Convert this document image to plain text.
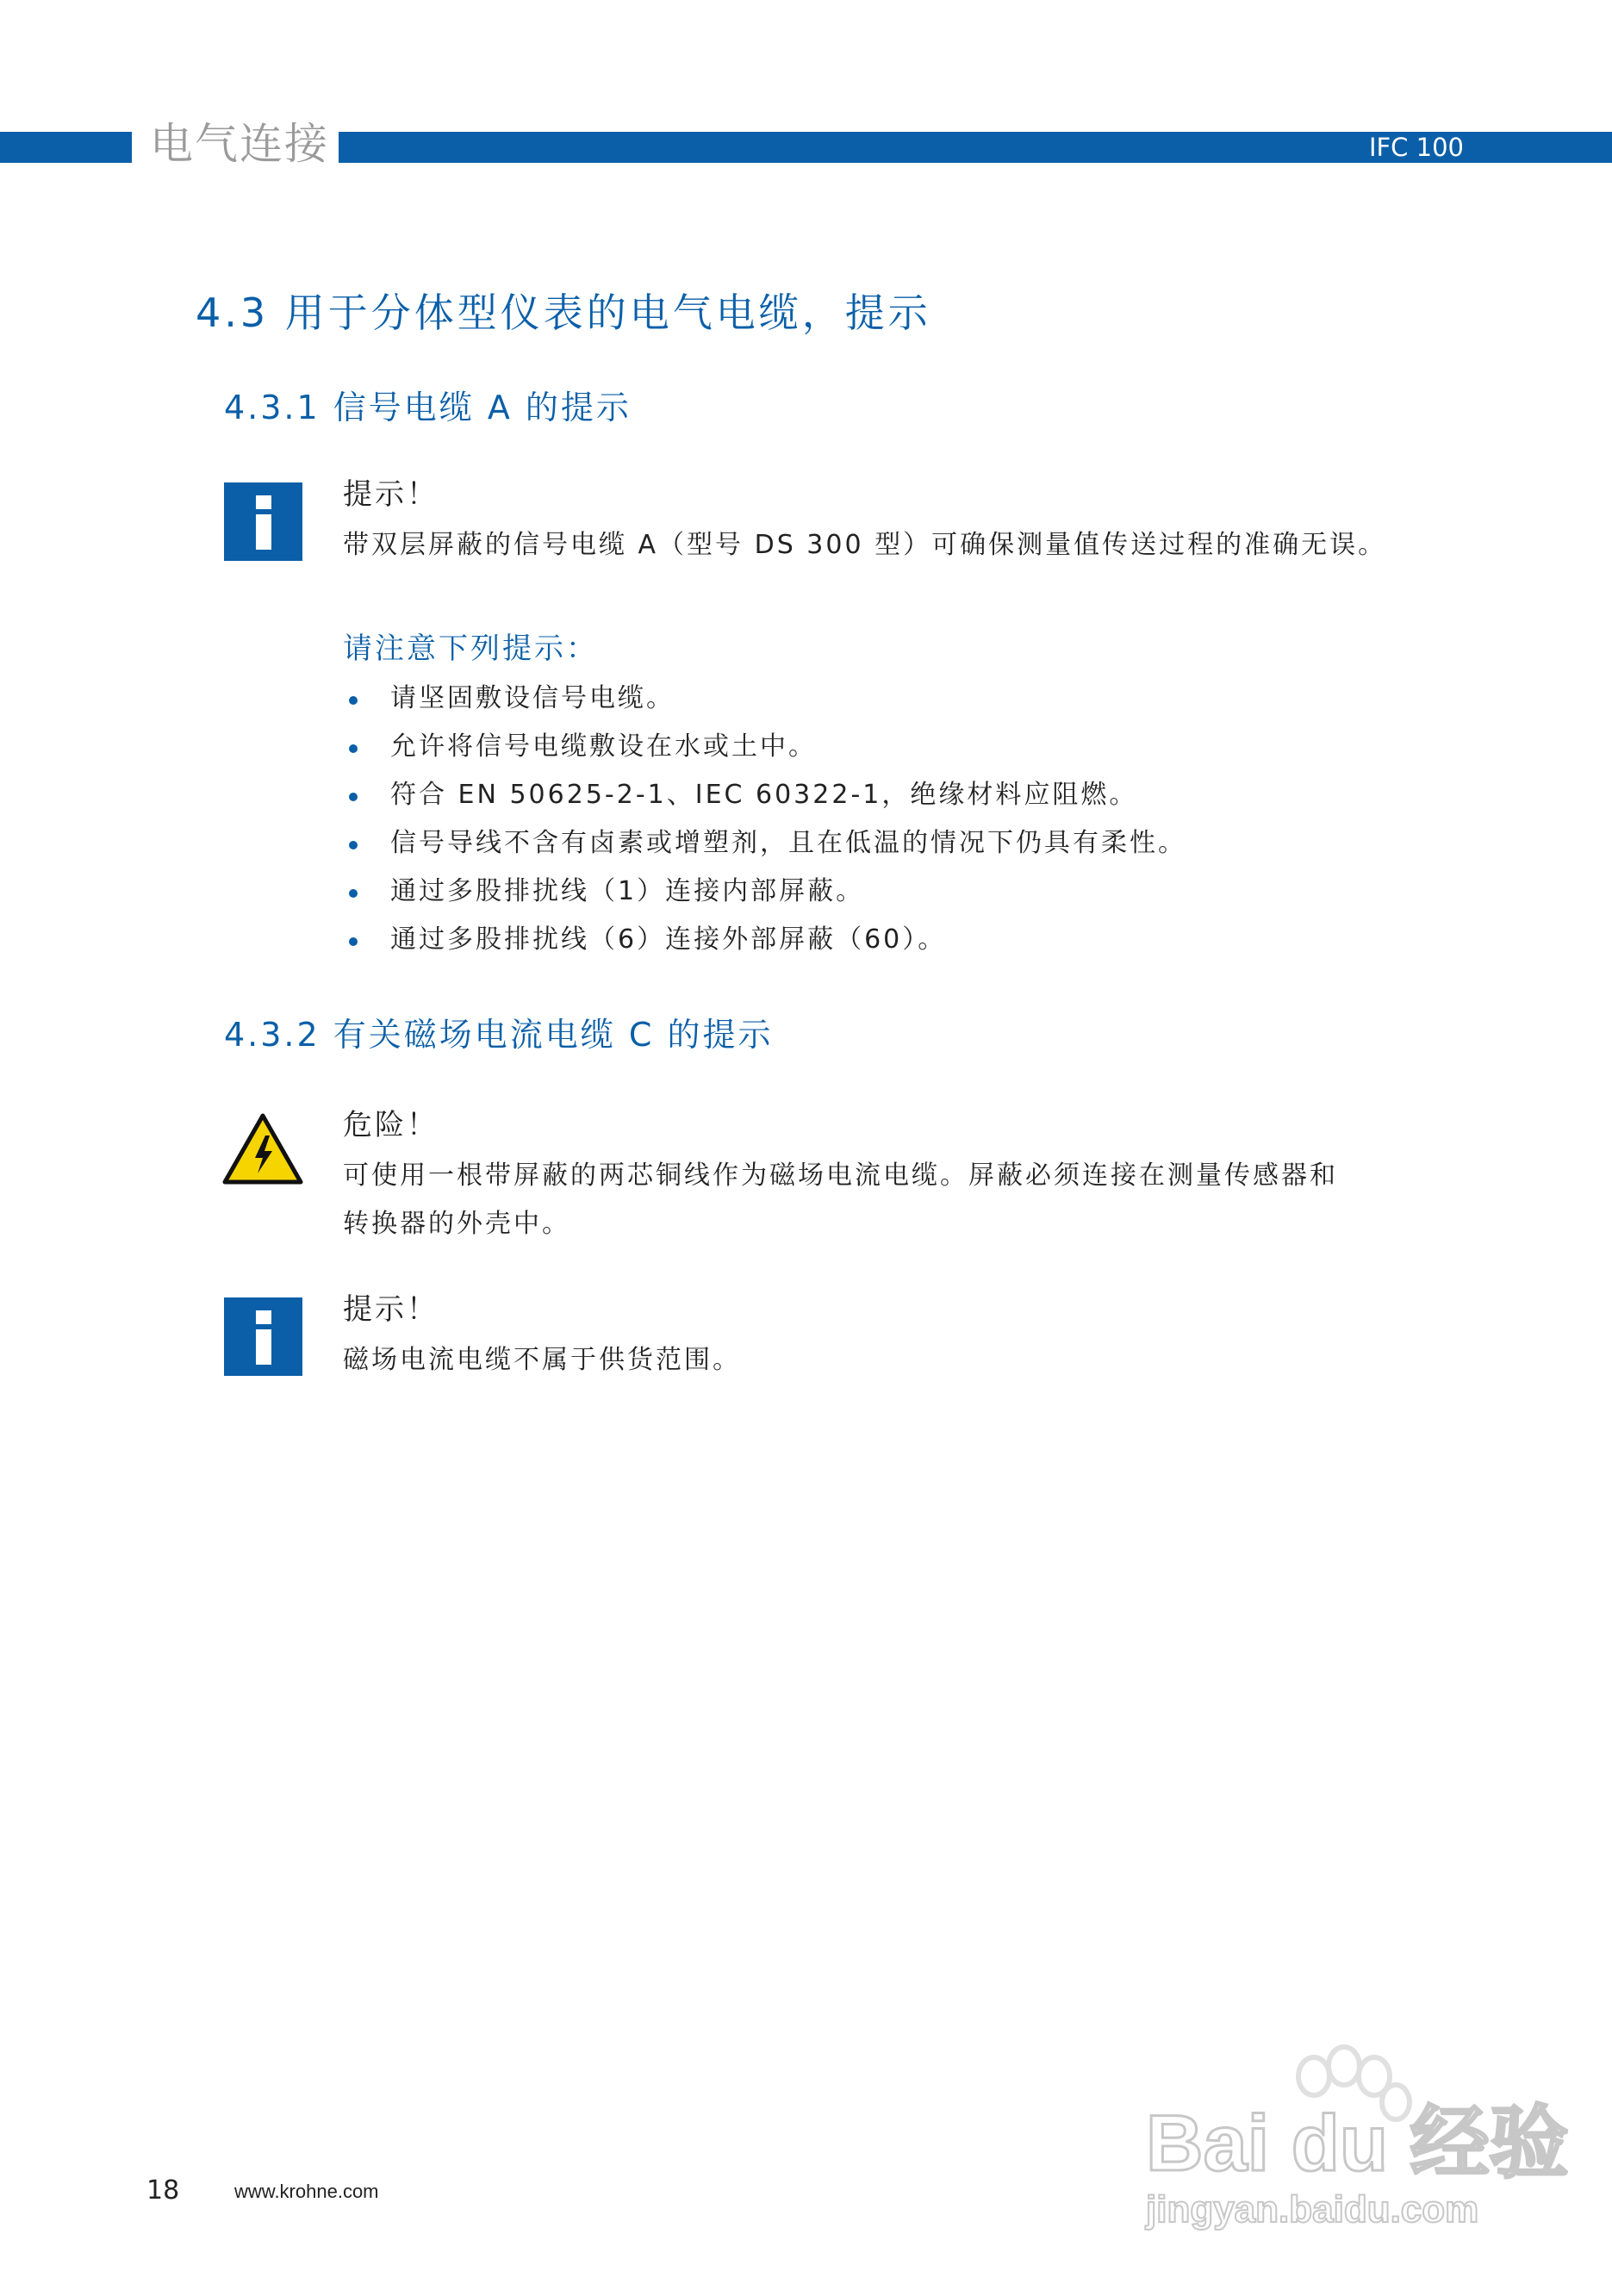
电气连接	IFC 100
4.3 用于分体型仪表的电气电缆，提示
4.3.1 信号电缆 A 的提示
提示！
带双层屏蔽的信号电缆 A（型号 DS 300 型）可确保测量值传送过程的准确无误。
请注意下列提示：
请坚固敷设信号电缆。
允许将信号电缆敷设在水或土中。
符合 EN 50625-2-1、IEC 60322-1，绝缘材料应阻燃。
信号导线不含有卤素或增塑剂，且在低温的情况下仍具有柔性。
通过多股排扰线（1）连接内部屏蔽。
通过多股排扰线（6）连接外部屏蔽（60）。
4.3.2 有关磁场电流电缆 C 的提示
危险！
可使用一根带屏蔽的两芯铜线作为磁场电流电缆。屏蔽必须连接在测量传感器和
转换器的外壳中。
提示！
磁场电流电缆不属于供货范围。
18	www.krohne.com
Bai du 经验
jingyan.baidu.com
